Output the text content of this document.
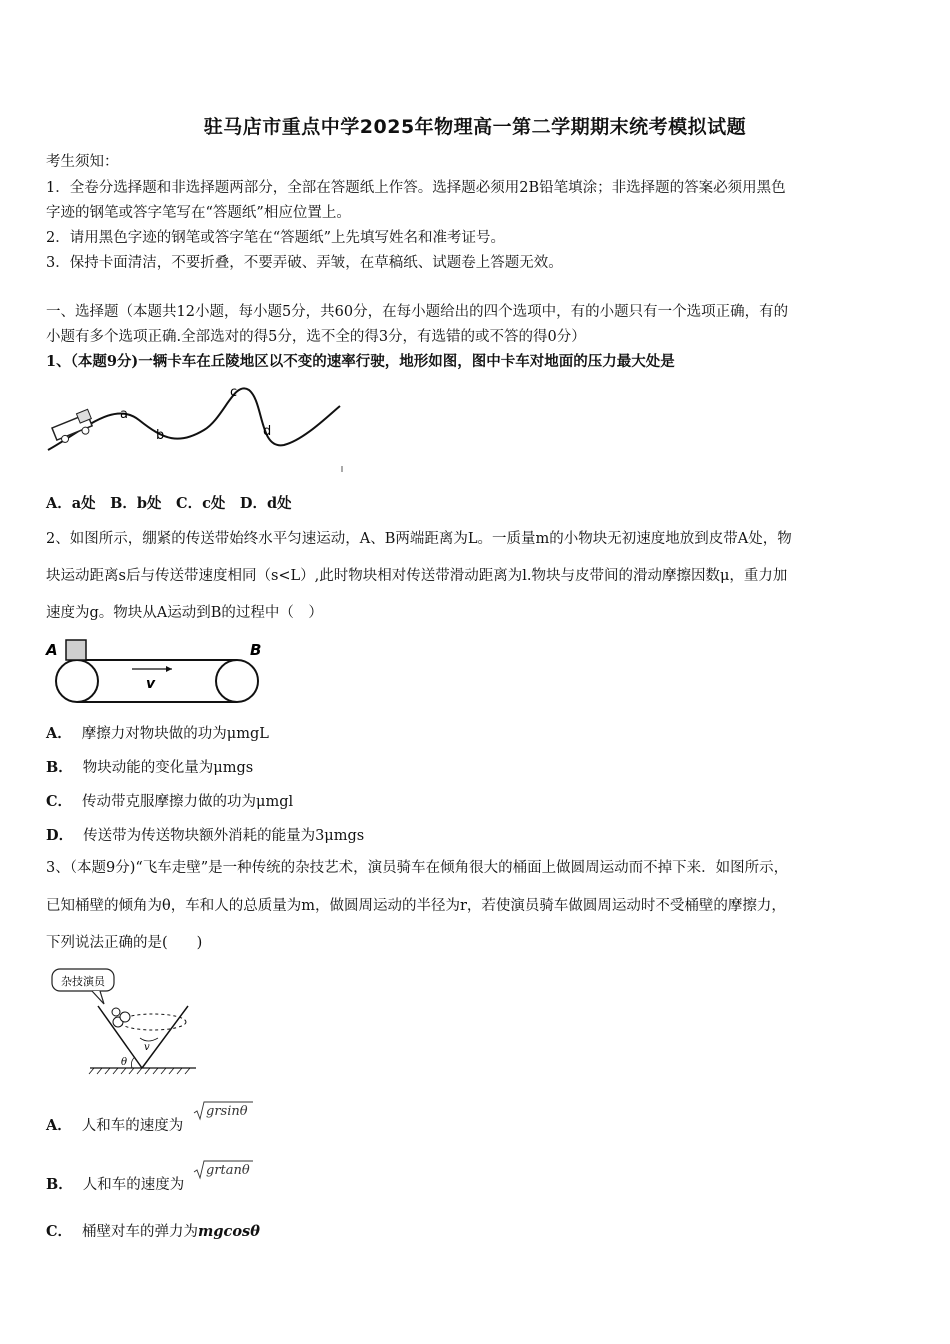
驻马店市重点中学2025年物理高一第二学期期末统考模拟试题
考生须知：
1．全卷分选择题和非选择题两部分，全部在答题纸上作答。选择题必须用2B铅笔填涂；非选择题的答案必须用黑色
字迹的钢笔或答字笔写在“答题纸”相应位置上。
2．请用黑色字迹的钢笔或答字笔在“答题纸”上先填写姓名和准考证号。
3．保持卡面清洁，不要折叠，不要弄破、弄皱，在草稿纸、试题卷上答题无效。
一、选择题（本题共12小题，每小题5分，共60分，在每小题给出的四个选项中，有的小题只有一个选项正确，有的
小题有多个选项正确.全部选对的得5分，选不全的得3分，有选错的或不答的得0分）
1、（本题9分)一辆卡车在丘陵地区以不变的速率行驶，地形如图，图中卡车对地面的压力最大处是
a
b
c
d
A．a处　B．b处　C．c处　D．d处
2、如图所示，绷紧的传送带始终水平匀速运动，A、B两端距离为L。一质量m的小物块无初速度地放到皮带A处，物
块运动距离s后与传送带速度相同（s<L）,此时物块相对传送带滑动距离为l.物块与皮带间的滑动摩擦因数μ，重力加
速度为g。物块从A运动到B的过程中（　）
A	B
v
A． 摩擦力对物块做的功为μmgL
B． 物块动能的变化量为μmgs
C． 传动带克服摩擦力做的功为μmgl
D． 传送带为传送物块额外消耗的能量为3μmgs
3、（本题9分)“飞车走壁”是一种传统的杂技艺术，演员骑车在倾角很大的桶面上做圆周运动而不掉下来．如图所示，
已知桶壁的倾角为θ，车和人的总质量为m，做圆周运动的半径为r，若使演员骑车做圆周运动时不受桶壁的摩擦力，
下列说法正确的是(　　)
杂技演员
v
θ
A． 人和车的速度为
grsinθ
B． 人和车的速度为
grtanθ
C． 桶壁对车的弹力为mgcosθ
